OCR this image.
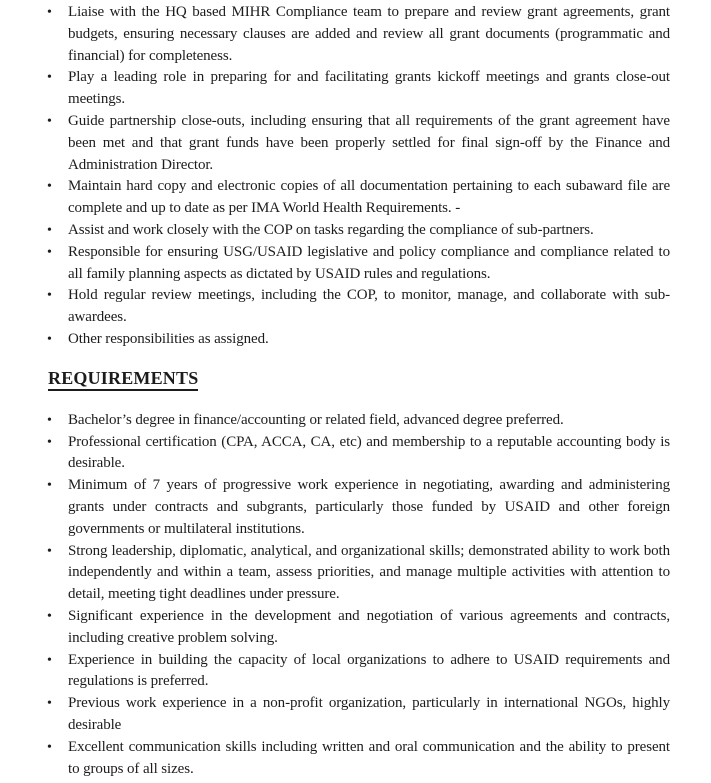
•	Liaise with the HQ based MIHR Compliance team to prepare and review grant agreements, grant budgets, ensuring necessary clauses are added and review all grant documents (programmatic and financial) for completeness.
•	Play a leading role in preparing for and facilitating grants kickoff meetings and grants close-out meetings.
•	Guide partnership close-outs, including ensuring that all requirements of the grant agreement have been met and that grant funds have been properly settled for final sign-off by the Finance and Administration Director.
•	Maintain hard copy and electronic copies of all documentation pertaining to each subaward file are complete and up to date as per IMA World Health Requirements. -
•	Assist and work closely with the COP on tasks regarding the compliance of sub-partners.
•	Responsible for ensuring USG/USAID legislative and policy compliance and compliance related to all family planning aspects as dictated by USAID rules and regulations.
•	Hold regular review meetings, including the COP, to monitor, manage, and collaborate with sub-awardees.
•	Other responsibilities as assigned.
REQUIREMENTS
•	Bachelor’s degree in finance/accounting or related field, advanced degree preferred.
•	Professional certification (CPA, ACCA, CA, etc) and membership to a reputable accounting body is desirable.
•	Minimum of 7 years of progressive work experience in negotiating, awarding and administering grants under contracts and subgrants, particularly those funded by USAID and other foreign governments or multilateral institutions.
•	Strong leadership, diplomatic, analytical, and organizational skills; demonstrated ability to work both independently and within a team, assess priorities, and manage multiple activities with attention to detail, meeting tight deadlines under pressure.
•	Significant experience in the development and negotiation of various agreements and contracts, including creative problem solving.
•	Experience in building the capacity of local organizations to adhere to USAID requirements and regulations is preferred.
•	Previous work experience in a non-profit organization, particularly in international NGOs, highly desirable
•	Excellent communication skills including written and oral communication and the ability to present to groups of all sizes.
